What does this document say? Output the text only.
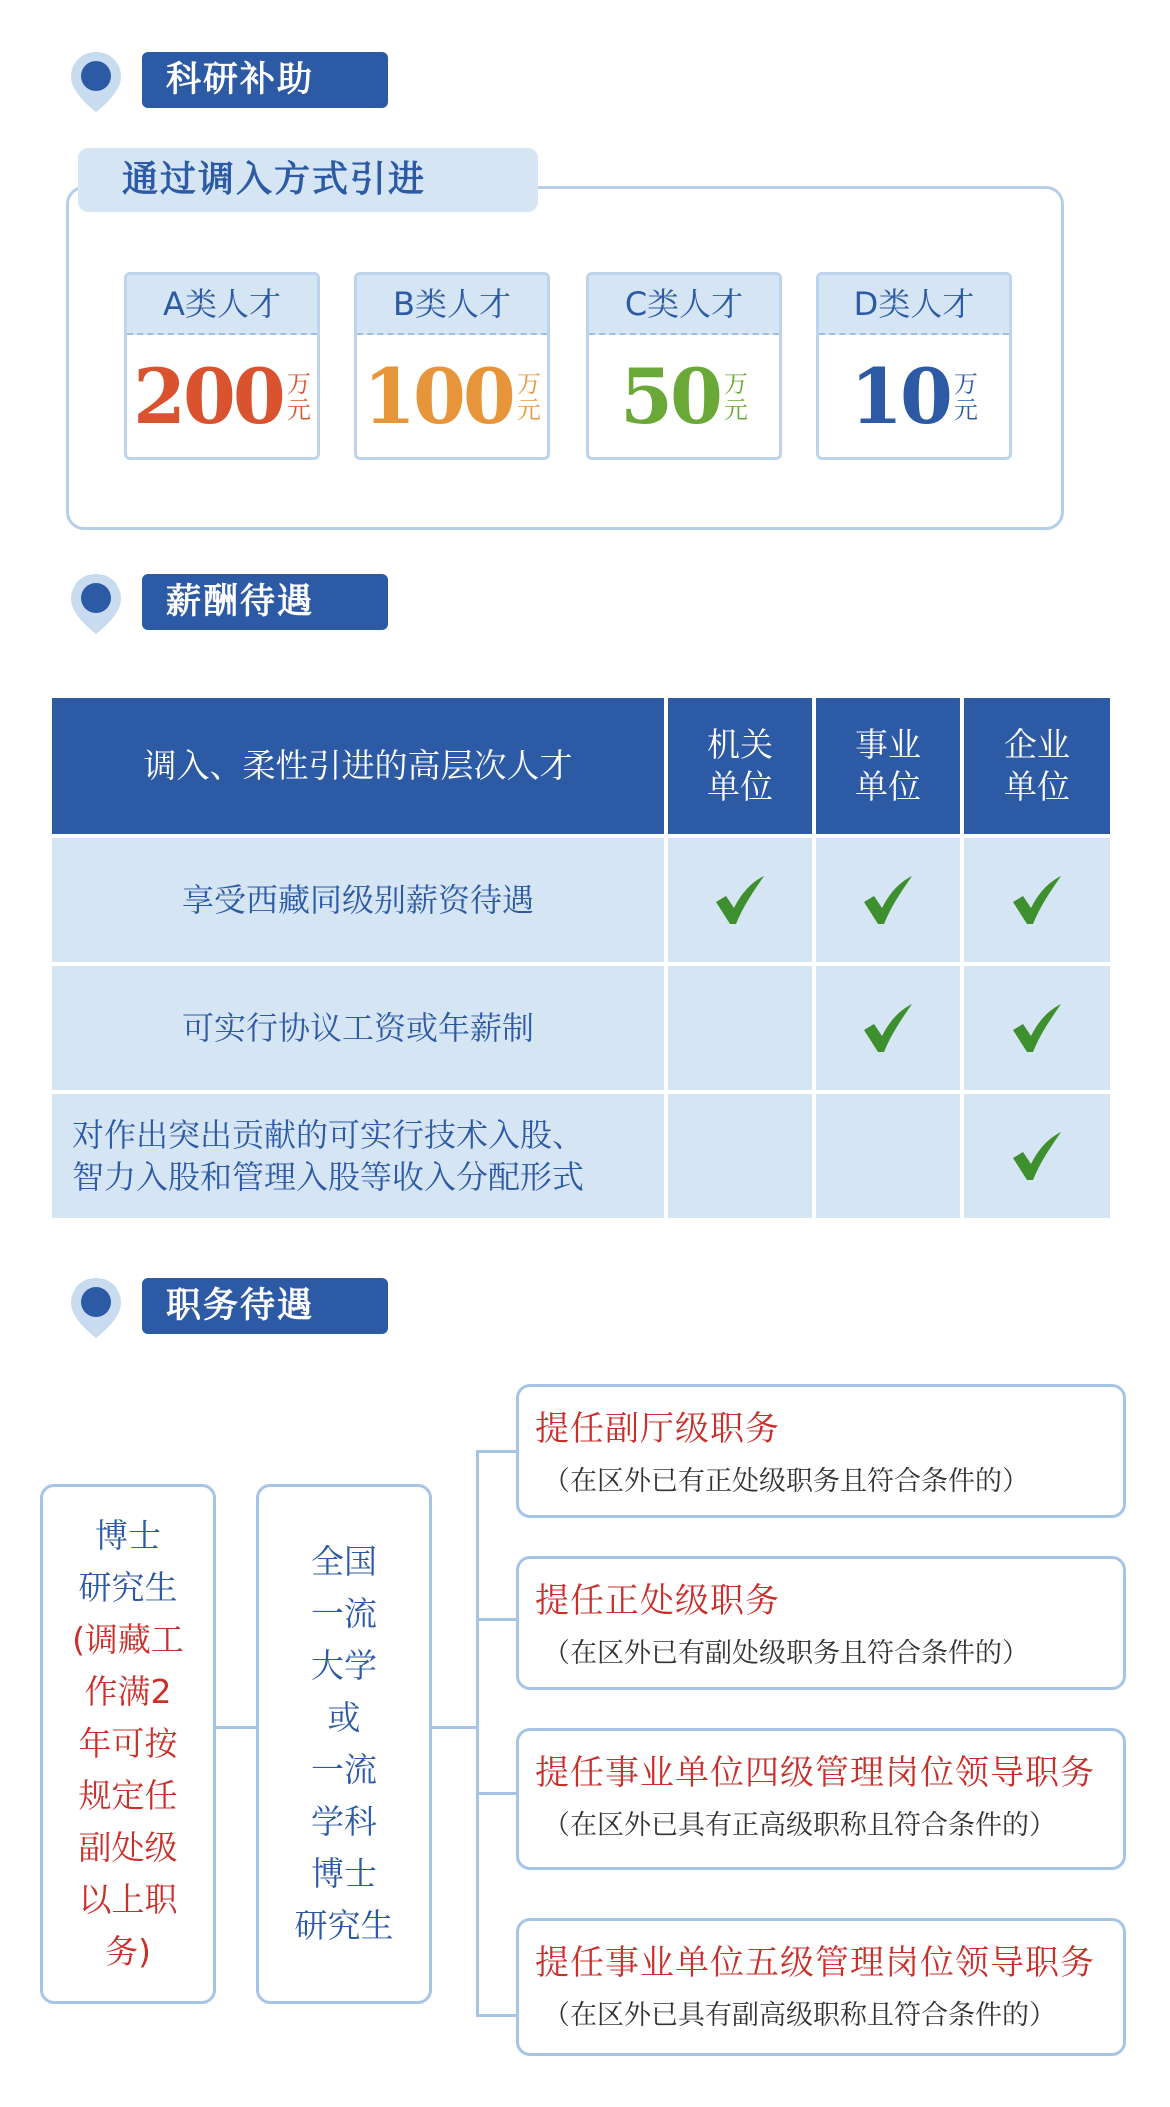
科研补助
通过调入方式引进
A类人才
200 万
元
B类人才
100 万
元
C类人才
50 万
元
D类人才
10 万
元
薪酬待遇
调入、柔性引进的高层次人才
机关
单位
事业
单位
企业
单位
享受西藏同级别薪资待遇
可实行协议工资或年薪制
对作出突出贡献的可实行技术入股、
智力入股和管理入股等收入分配形式
职务待遇
博士
研究生
(调藏工
作满2
年可按
规定任
副处级
以上职
务)
全国
一流
大学
或
一流
学科
博士
研究生
提任副厅级职务
（在区外已有正处级职务且符合条件的）
提任正处级职务
（在区外已有副处级职务且符合条件的）
提任事业单位四级管理岗位领导职务
（在区外已具有正高级职称且符合条件的）
提任事业单位五级管理岗位领导职务
（在区外已具有副高级职称且符合条件的）
